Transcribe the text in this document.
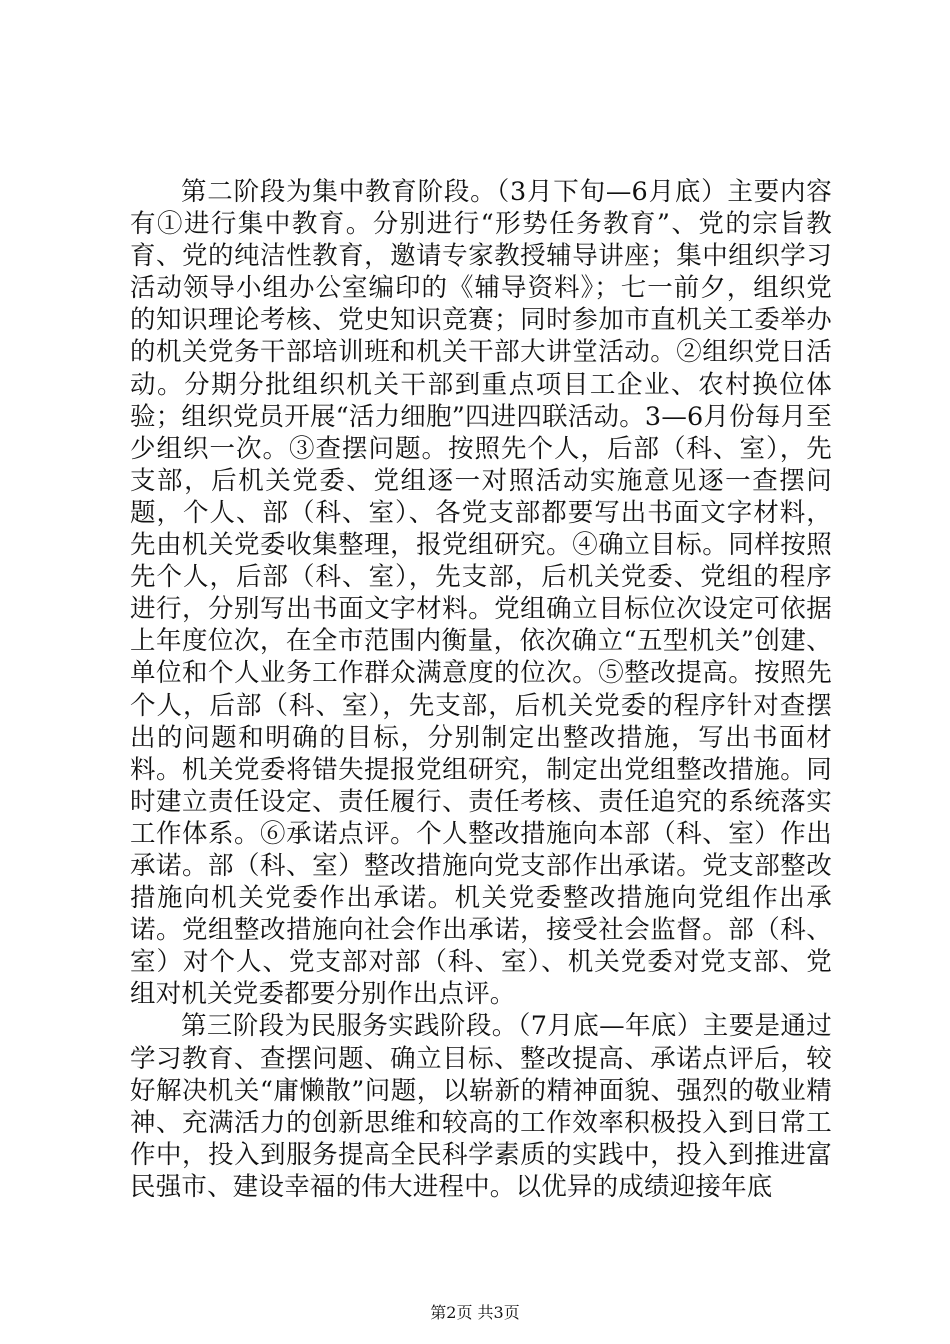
第二阶段为集中教育阶段。（3月下旬—6月底）主要内容有①进行集中教育。分别进行“形势任务教育”、党的宗旨教育、党的纯洁性教育，邀请专家教授辅导讲座；集中组织学习活动领导小组办公室编印的《辅导资料》；七一前夕，组织党的知识理论考核、党史知识竞赛；同时参加市直机关工委举办的机关党务干部培训班和机关干部大讲堂活动。②组织党日活动。分期分批组织机关干部到重点项目工企业、农村换位体验；组织党员开展“活力细胞”四进四联活动。3—6月份每月至少组织一次。③查摆问题。按照先个人，后部（科、室），先支部，后机关党委、党组逐一对照活动实施意见逐一查摆问题，个人、部（科、室）、各党支部都要写出书面文字材料，先由机关党委收集整理，报党组研究。④确立目标。同样按照先个人，后部（科、室），先支部，后机关党委、党组的程序进行，分别写出书面文字材料。党组确立目标位次设定可依据上年度位次，在全市范围内衡量，依次确立“五型机关”创建、单位和个人业务工作群众满意度的位次。⑤整改提高。按照先个人，后部（科、室），先支部，后机关党委的程序针对查摆出的问题和明确的目标，分别制定出整改措施，写出书面材料。机关党委将错失提报党组研究，制定出党组整改措施。同时建立责任设定、责任履行、责任考核、责任追究的系统落实工作体系。⑥承诺点评。个人整改措施向本部（科、室）作出承诺。部（科、室）整改措施向党支部作出承诺。党支部整改措施向机关党委作出承诺。机关党委整改措施向党组作出承诺。党组整改措施向社会作出承诺，接受社会监督。部（科、室）对个人、党支部对部（科、室）、机关党委对党支部、党组对机关党委都要分别作出点评。

第三阶段为民服务实践阶段。（7月底—年底）主要是通过学习教育、查摆问题、确立目标、整改提高、承诺点评后，较好解决机关“庸懒散”问题，以崭新的精神面貌、强烈的敬业精神、充满活力的创新思维和较高的工作效率积极投入到日常工作中，投入到服务提高全民科学素质的实践中，投入到推进富民强市、建设幸福的伟大进程中。以优异的成绩迎接年底

第2页 共3页
